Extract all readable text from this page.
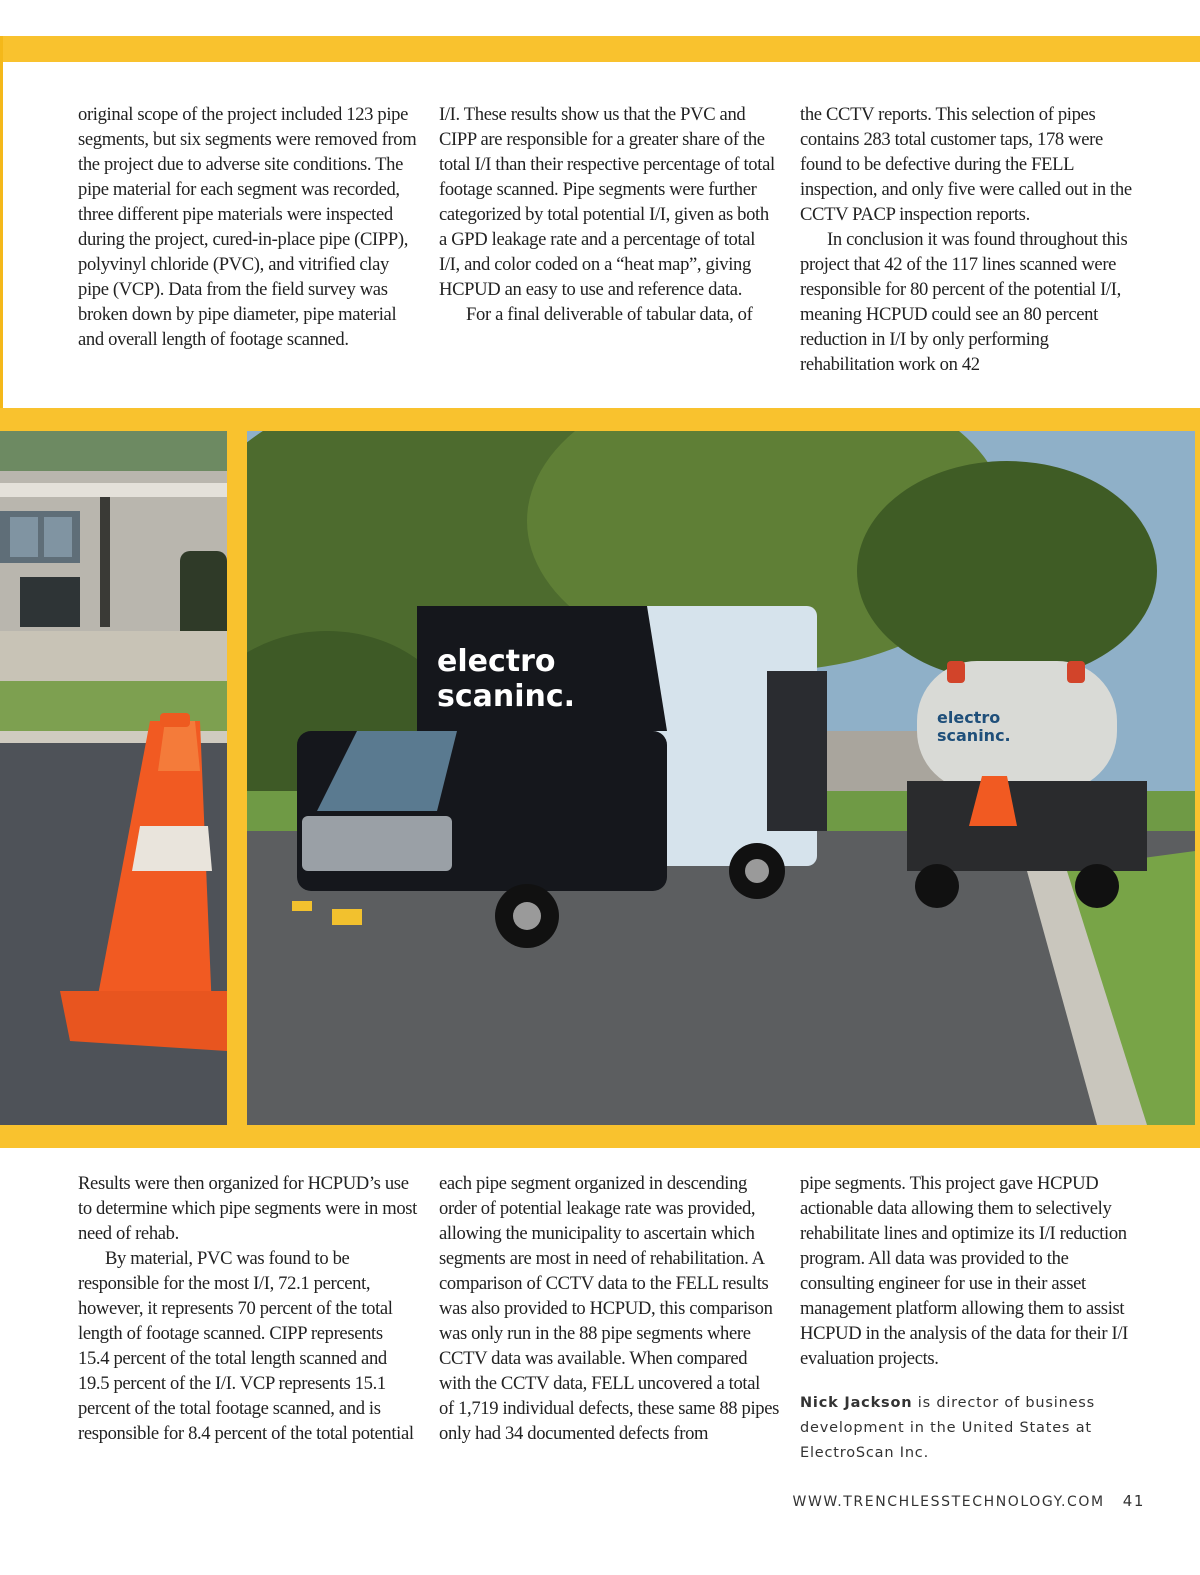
original scope of the project included 123 pipe segments, but six segments were removed from the project due to adverse site conditions. The pipe material for each segment was recorded, three different pipe materials were inspected during the project, cured-in-place pipe (CIPP), polyvinyl chloride (PVC), and vitrified clay pipe (VCP). Data from the field survey was broken down by pipe diameter, pipe material and overall length of footage scanned.

I/I. These results show us that the PVC and CIPP are responsible for a greater share of the total I/I than their respective percentage of total footage scanned. Pipe segments were further categorized by total potential I/I, given as both a GPD leakage rate and a percentage of total I/I, and color coded on a “heat map”, giving HCPUD an easy to use and reference data.

For a final deliverable of tabular data, of

the CCTV reports. This selection of pipes contains 283 total customer taps, 178 were found to be defective during the FELL inspection, and only five were called out in the CCTV PACP inspection reports.

In conclusion it was found throughout this project that 42 of the 117 lines scanned were responsible for 80 percent of the potential I/I, meaning HCPUD could see an 80 percent reduction in I/I by only performing rehabilitation work on 42

electro
scaninc.
electro
scaninc.

Results were then organized for HCPUD’s use to determine which pipe segments were in most need of rehab.

By material, PVC was found to be responsible for the most I/I, 72.1 percent, however, it represents 70 percent of the total length of footage scanned. CIPP represents 15.4 percent of the total length scanned and 19.5 percent of the I/I. VCP represents 15.1 percent of the total footage scanned, and is responsible for 8.4 percent of the total potential

each pipe segment organized in descending order of potential leakage rate was provided, allowing the municipality to ascertain which segments are most in need of rehabilitation. A comparison of CCTV data to the FELL results was also provided to HCPUD, this comparison was only run in the 88 pipe segments where CCTV data was available. When compared with the CCTV data, FELL uncovered a total of 1,719 individual defects, these same 88 pipes only had 34 documented defects from

pipe segments. This project gave HCPUD actionable data allowing them to selectively rehabilitate lines and optimize its I/I reduction program. All data was provided to the consulting engineer for use in their asset management platform allowing them to assist HCPUD in the analysis of the data for their I/I evaluation projects.

Nick Jackson is director of business development in the United States at ElectroScan Inc.

WWW.TRENCHLESSTECHNOLOGY.COM 41
